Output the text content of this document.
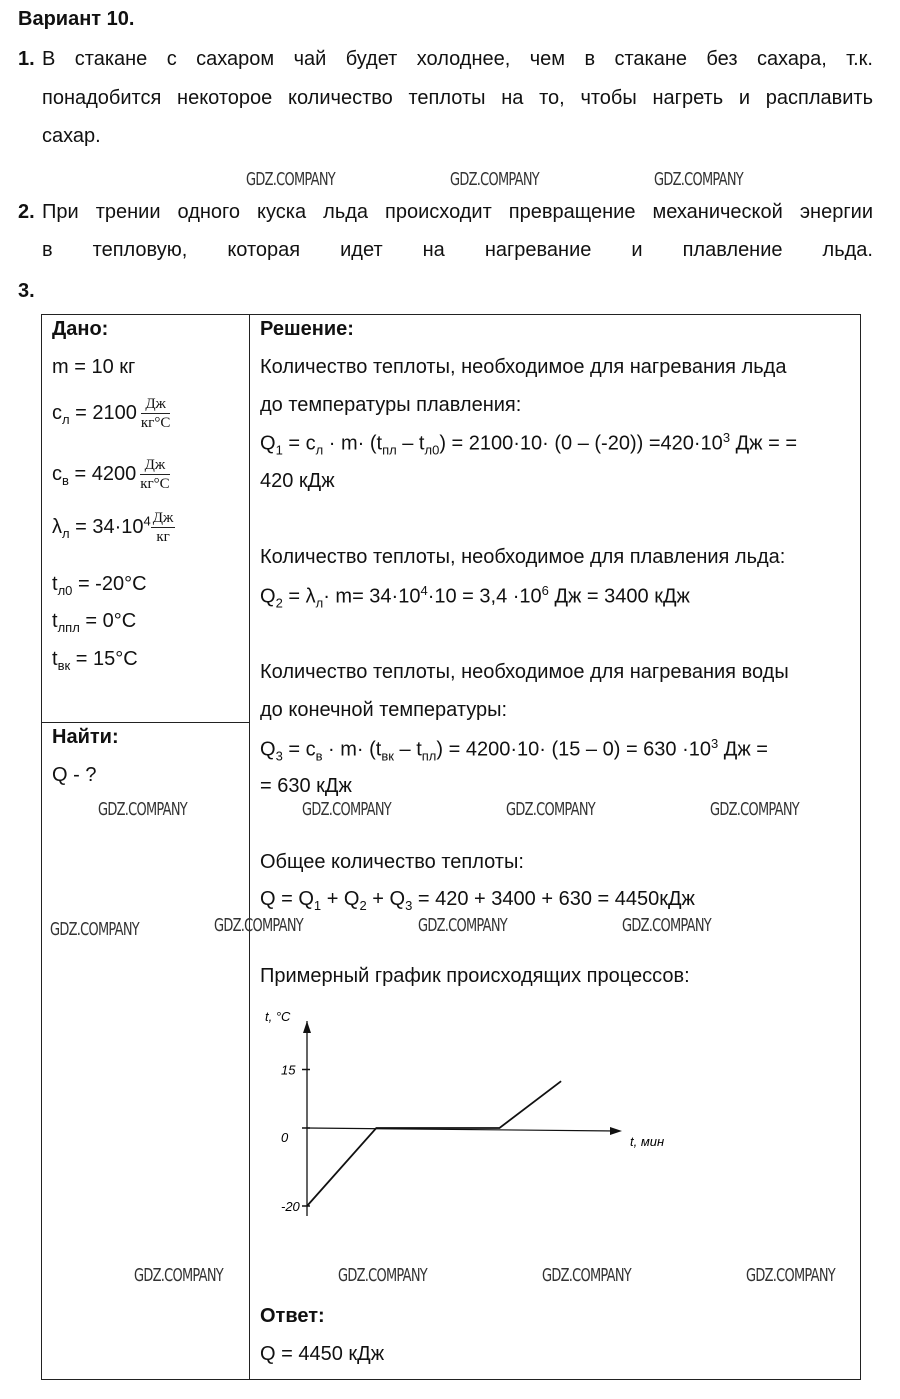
Вариант 10.
1. В стакане с сахаром чай будет холоднее, чем в стакане без сахара, т.к.
понадобится некоторое количество теплоты на то, чтобы нагреть и расплавить
сахар.
2. При трении одного куска льда происходит превращение механической энергии
в тепловую, которая идет на нагревание и плавление льда.
3.
Дано:
m = 10 кг
$c_л = 2100 \frac{Дж}{кг^\circ C}$
$c_в = 4200 \frac{Дж}{кг^\circ C}$
$\lambda_л = 34\cdot 10^4 \frac{Дж}{кг}$
$t_{л0} = -20^\circ C$
$t_{лпл} = 0^\circ C$
$t_{вк} = 15^\circ C$

Решение:
Количество теплоты, необходимое для нагревания льда
до температуры плавления:
$Q_1 = c_л \cdot m\cdot (t_{пл} - t_{л0}) = 2100\cdot 10\cdot (0 - (-20)) =420\cdot 10^3$ Дж = =
420 кДж
Количество теплоты, необходимое для плавления льда:
$Q_2 = \lambda_л\cdot m= 34\cdot 10^4\cdot 10 = 3,4 \cdot 10^6$ Дж = 3400 кДж
Количество теплоты, необходимое для нагревания воды
до конечной температуры:
$Q_3 = c_в \cdot m\cdot (t_{вк} - t_{пл}) = 4200\cdot 10\cdot (15 - 0) = 630 \cdot 10^3$ Дж =
= 630 кДж
Общее количество теплоты:
$Q = Q_1 + Q_2 + Q_3 = 420 + 3400 + 630 = 4450кДж$
Примерный график происходящих процессов:
t, °C
t, мин
15
0
-20
Ответ:
Q = 4450 кДж

Найти:
Q - ?
GDZ.COMPANY	GDZ.COMPANY	GDZ.COMPANY
GDZ.COMPANY	GDZ.COMPANY	GDZ.COMPANY	GDZ.COMPANY
GDZ.COMPANY	GDZ.COMPANY	GDZ.COMPANY	GDZ.COMPANY
GDZ.COMPANY	GDZ.COMPANY	GDZ.COMPANY	GDZ.COMPANY
